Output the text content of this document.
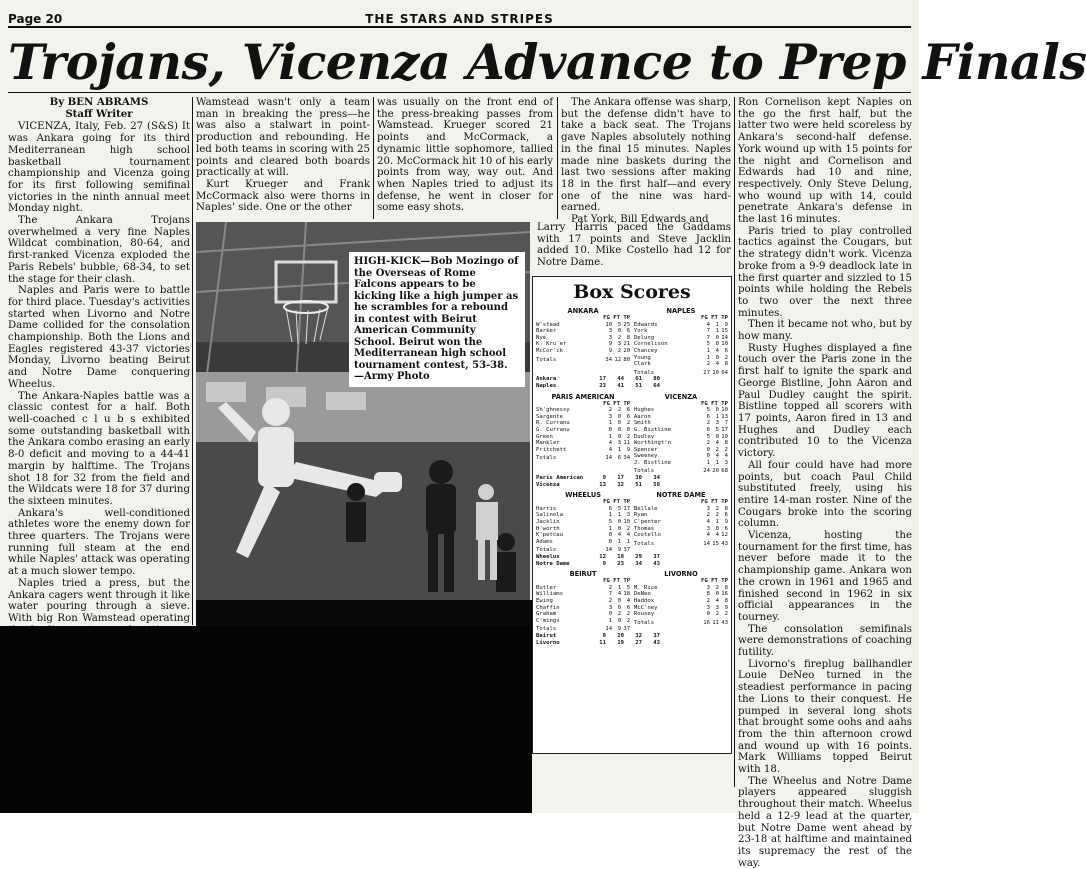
Page 20	THE STARS AND STRIPES
Trojans, Vicenza Advance to Prep Finals

By BEN ABRAMS

Staff Writer

VICENZA, Italy, Feb. 27 (S&S) It was Ankara going for its third Mediterranean high school basketball tournament championship and Vicenza going for its first following semifinal victories in the ninth annual meet Monday night.

The Ankara Trojans overwhelmed a very fine Naples Wildcat combination, 80-64, and first-ranked Vicenza exploded the Paris Rebels' bubble, 68-34, to set the stage for their clash.

Naples and Paris were to battle for third place. Tuesday's activities started when Livorno and Notre Dame collided for the consolation championship. Both the Lions and Eagles registered 43-37 victories Monday, Livorno beating Beirut and Notre Dame conquering Wheelus.

The Ankara-Naples battle was a classic contest for a half. Both well-coached c l u b s exhibited some outstanding basketball with the Ankara combo erasing an early 8-0 deficit and moving to a 44-41 margin by halftime. The Trojans shot 18 for 32 from the field and the Wildcats were 18 for 37 during the sixteen minutes.

Ankara's well-conditioned athletes wore the enemy down for three quarters. The Trojans were running full steam at the end while Naples' attack was operating at a much slower tempo.

Naples tried a press, but the Ankara cagers went through it like water pouring through a sieve. With big Ron Wamstead operating

Wamstead wasn't only a team man in breaking the press—he was also a stalwart in point-production and rebounding. He led both teams in scoring with 25 points and cleared both boards practically at will.

Kurt Krueger and Frank McCormack also were thorns in Naples' side. One or the other

was usually on the front end of the press-breaking passes from Wamstead. Krueger scored 21 points and McCormack, a dynamic little sophomore, tallied 20. McCormack hit 10 of his early points from way, way out. And when Naples tried to adjust its defense, he went in closer for some easy shots.

The Ankara offense was sharp, but the defense didn't have to take a back seat. The Trojans gave Naples absolutely nothing in the final 15 minutes. Naples made nine baskets during the last two sessions after making 18 in the first half—and every one of the nine was hard-earned.

Pat York, Bill Edwards and

Ron Cornelison kept Naples on the go the first half, but the latter two were held scoreless by Ankara's second-half defense. York wound up with 15 points for the night and Cornelison and Edwards had 10 and nine, respectively. Only Steve Delung, who wound up with 14, could penetrate Ankara's defense in the last 16 minutes.

Paris tried to play controlled tactics against the Cougars, but the strategy didn't work. Vicenza broke from a 9-9 deadlock late in the first quarter and sizzled to 15 points while holding the Rebels to two over the next three minutes.

Then it became not who, but by how many.

Rusty Hughes displayed a fine touch over the Paris zone in the first half to ignite the spark and George Bistline, John Aaron and Paul Dudley caught the spirit. Bistline topped all scorers with 17 points, Aaron fired in 13 and Hughes and Dudley each contributed 10 to the Vicenza victory.

All four could have had more points, but coach Paul Child substituted freely, using his entire 14-man roster. Nine of the Cougars broke into the scoring column.

Vicenza, hosting the tournament for the first time, has never before made it to the championship game. Ankara won the crown in 1961 and 1965 and finished second in 1962 in six official appearances in the tourney.

The consolation semifinals were demonstrations of coaching futility.

Livorno's fireplug ballhandler Louie DeNeo turned in the steadiest performance in pacing the Lions to their conquest. He pumped in several long shots that brought some oohs and aahs from the thin afternoon crowd and wound up with 16 points. Mark Williams topped Beirut with 18.

The Wheelus and Notre Dame players appeared sluggish throughout their match. Wheelus held a 12-9 lead at the quarter, but Notre Dame went ahead by 23-18 at halftime and maintained its supremacy the rest of the way.

HIGH-KICK—Bob Mozingo of the Overseas of Rome Falcons appears to be kicking like a high jumper as he scrambles for a rebound in contest with Beirut American Community School. Beirut won the Mediterranean high school tournament contest, 53-38. —Army Photo
Larry Harris paced the Gaddams with 17 points and Steve Jacklin added 10. Mike Costello had 12 for Notre Dame.
Box Scores
ANKARA
FG FT TP
W'stead	10	5 25
Barker	3	0	6
Nye	3	2	8
K. Kru'er	9	3 21
McCor'ck	9	2 20
Totals	34 12 80
NAPLES
FG FT TP
Edwards	4	1	9
York	7	1 15
Delung	7	0 14
Cornelison	5	0 10
Chancey	1	4	6
Young	1	0	2
Clark	2	4	8
Totals	27 10 64
Ankara	17	44	61	80
Naples	23	41	51	64
PARIS AMERICAN
FG FT TP
Sh'ghnessy	2	2	6
Sargente	3	0	6
R. Curranu	1	0	2
G. Curranu	0	0	0
Green	1	0	2
Mankler	4	3 11
Pritchett	4	1	9
Totals	14	6 34
VICENZA
FG FT TP
Hughes	5	0 10
Aaron	6	1 13
Smith	2	3	7
G. Bistline	6	5 17
Dudley	5	0 10
Worthingt'n	2	4	8
Spencer	0	2	2
Sweeney	0	4	4
J. Bistline	1	1	3
Totals	24 20 68
Paris American	9	17	30	34
Vicenza	13	32	51	58
WHEELUS
FG FT TP
Harris	6	5 17
Salinola	1	1	3
Jacklin	5	0 10
H'worth	1	0	2
K'petcau	0	4	4
Adams	0	1	1
Totals	14	9 37
NOTRE DAME
FG FT TP
Bellale	3	2	8
Ryan	2	2	6
C'penter	4	1	9
Thomas	3	0	6
Costello	4	4 12
Totals	14 15 43
Wheelus	12	18	29	37
Notre Dame	9	23	34	43
BEIRUT
FG FT TP
Butler	2	1	5
Williams	7	4 18
Ewing	2	0	4
Chaffin	3	0	6
Graham	0	2	2
C'mings	1	0	2
Totals	14	9 37
LIVORNO
FG FT TP
M. Rice	3	2	8
DeNeo	8	0 16
Haddox	2	4	8
McC'ney	3	3	9
Rousey	0	2	2
Totals	16 11 43
Beirut	8	20	32	37
Livorno	11	19	27	43
